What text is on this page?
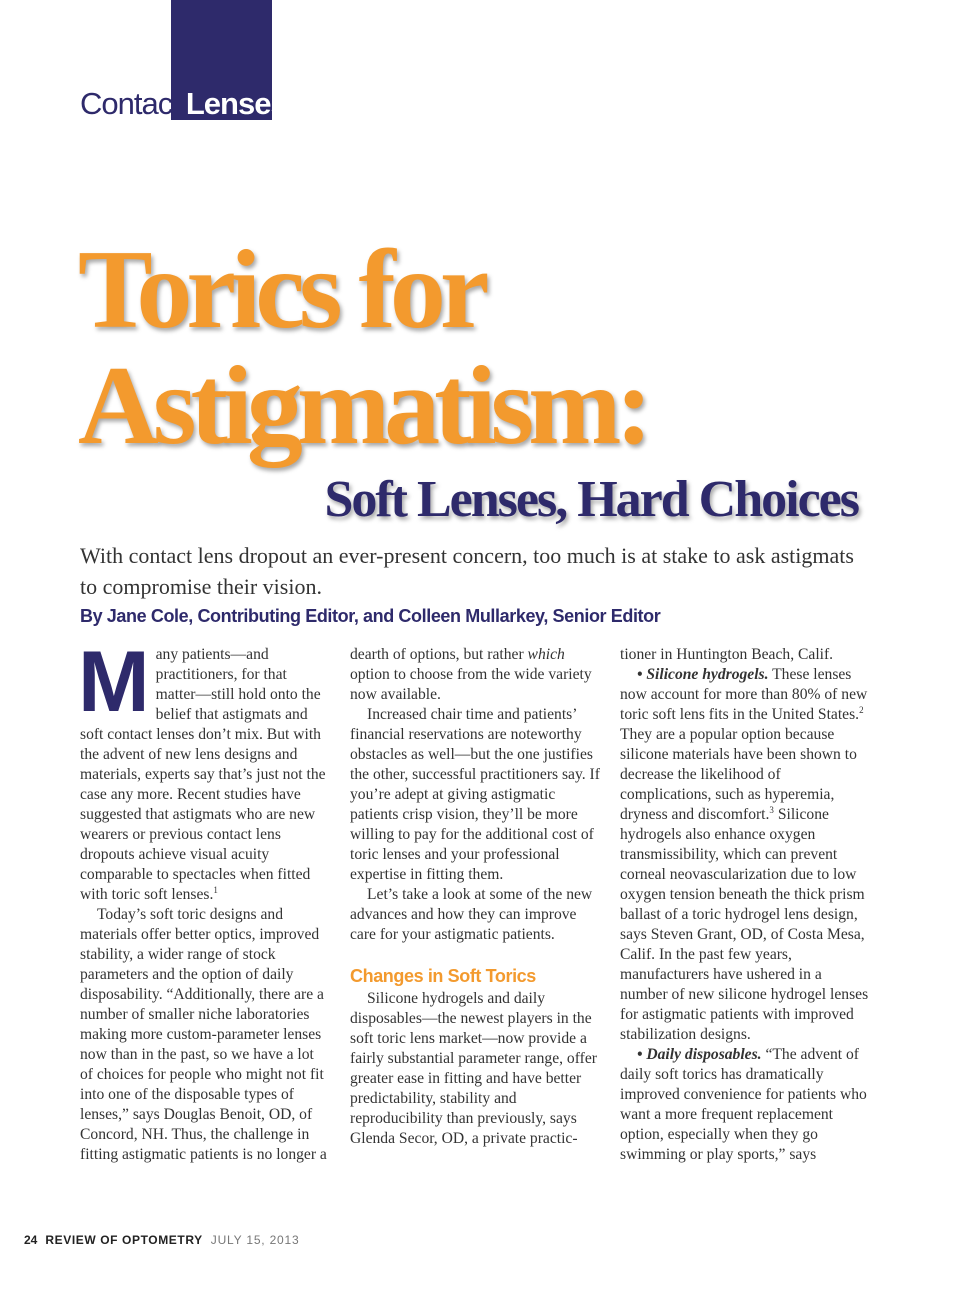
Contact Lenses
Torics for
Astigmatism:
Soft Lenses, Hard Choices
With contact lens dropout an ever-present concern, too much is at stake to ask astigmats to compromise their vision.
By Jane Cole, Contributing Editor, and Colleen Mullarkey, Senior Editor

Many patients—and practitioners, for that matter—still hold onto the belief that astigmats and soft contact lenses don’t mix. But with the advent of new lens designs and materials, experts say that’s just not the case any more. Recent studies have suggested that astigmats who are new wearers or previous contact lens dropouts achieve visual acuity comparable to spectacles when fitted with toric soft lenses.$^1$

Today’s soft toric designs and materials offer better optics, improved stability, a wider range of stock parameters and the option of daily disposability. “Additionally, there are a number of smaller niche laboratories making more custom-parameter lenses now than in the past, so we have a lot of choices for people who might not fit into one of the disposable types of lenses,” says Douglas Benoit, OD, of Concord, NH. Thus, the challenge in fitting astigmatic patients is no longer a

dearth of options, but rather which option to choose from the wide variety now available.

Increased chair time and patients’ financial reservations are noteworthy obstacles as well—but the one justifies the other, successful practitioners say. If you’re adept at giving astigmatic patients crisp vision, they’ll be more willing to pay for the additional cost of toric lenses and your professional expertise in fitting them.

Let’s take a look at some of the new advances and how they can improve care for your astigmatic patients.

Changes in Soft Torics

Silicone hydrogels and daily disposables—the newest players in the soft toric lens market—now provide a fairly substantial parameter range, offer greater ease in fitting and have better predictability, stability and reproducibility than previously, says Glenda Secor, OD, a private practic-

tioner in Huntington Beach, Calif.

• Silicone hydrogels. These lenses now account for more than 80% of new toric soft lens fits in the United States.$^2$ They are a popular option because silicone materials have been shown to decrease the likelihood of complications, such as hyperemia, dryness and discomfort.$^3$ Silicone hydrogels also enhance oxygen transmissibility, which can prevent corneal neovascularization due to low oxygen tension beneath the thick prism ballast of a toric hydrogel lens design, says Steven Grant, OD, of Costa Mesa, Calif. In the past few years, manufacturers have ushered in a number of new silicone hydrogel lenses for astigmatic patients with improved stabilization designs.

• Daily disposables. “The advent of daily soft torics has dramatically improved convenience for patients who want a more frequent replacement option, especially when they go swimming or play sports,” says

24 REVIEW OF OPTOMETRY JULY 15, 2013
